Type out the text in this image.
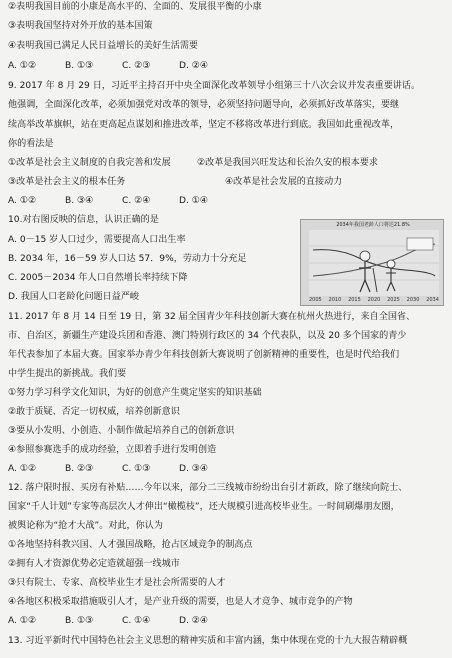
②表明我国目前的小康是高水平的、全面的、发展很平衡的小康
③表明我国坚持对外开放的基本国策
④表明我国已满足人民日益增长的美好生活需要
A. ①②	B. ①③	C. ②③	D. ②④
9. 2017 年 8 月 29 日，习近平主持召开中央全面深化改革领导小组第三十八次会议并发表重要讲话。
他强调，全面深化改革，必须加强党对改革的领导，必须坚持问题导向，必须抓好改革落实，要继
续高举改革旗帜，站在更高起点谋划和推进改革，坚定不移将改革进行到底。我国如此重视改革，
你的看法是
①改革是社会主义制度的自我完善和发展	②改革是我国兴旺发达和长治久安的根本要求
③改革是社会主义的根本任务	④改革是社会发展的直接动力
A. ①②	B. ③④	C. ②④	D. ①④
10.对右图反映的信息，认识正确的是
A. 0－15 岁人口过少，需要提高人口出生率
B. 2034 年，16－59 岁人口达 57．9%，劳动力十分充足
C. 2005－2034 年人口自然增长率持续下降
D. 我国人口老龄化问题日益严峻
2034年我国老龄人口将达21.8%
2005 2010 2015 2020 2025 2030 2034
11. 2017 年 8 月 14 日至 19 日，第 32 届全国青少年科技创新大赛在杭州火热进行，来自全国省、
市、自治区，新疆生产建设兵团和香港、澳门特别行政区的 34 个代表队，以及 20 多个国家的青少
年代表参加了本届大赛。国家举办青少年科技创新大赛说明了创新精神的重要性，也是时代给我们
中学生提出的新挑战。我们要
①努力学习科学文化知识，为好的创意产生奠定坚实的知识基础
②敢于质疑、否定一切权威，培养创新意识
③要从小发明、小创造、小制作做起培养自己的创新意识
④参照参赛选手的成功经验，立即着手进行发明创造
A. ①②	B. ②③	C. ①③	D. ③④
12. 落户限时报、买房有补贴……今年以来，部分二三线城市纷纷出台引才新政，除了继续向院士、
国家“千人计划”专家等高层次人才伸出“橄榄枝”，还大规模引进高校毕业生。一时间刷爆朋友圈，
被舆论称为“抢才大战”。对此，你认为
①各地坚持科教兴国、人才强国战略，抢占区域竞争的制高点
②拥有人才资源优势必定造就超强一线城市
③只有院士、专家、高校毕业生才是社会所需要的人才
④各地区积极采取措施吸引人才，是产业升级的需要，也是人才竞争、城市竞争的产物
A. ①②	B. ①③	C. ①④	D. ②④
13. 习近平新时代中国特色社会主义思想的精神实质和丰富内涵，集中体现在党的十九大报告精辟概
